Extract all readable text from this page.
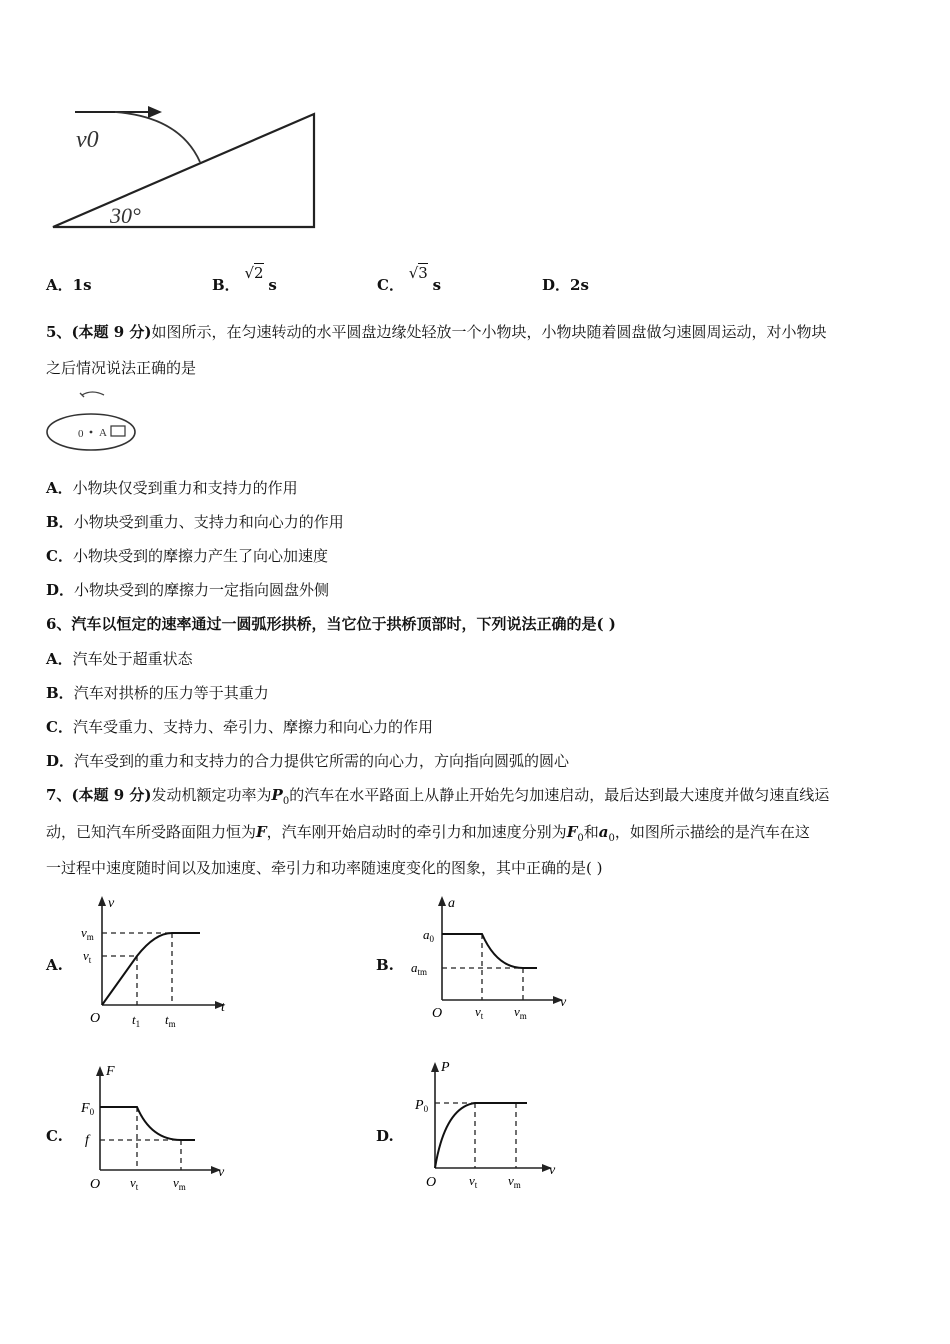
v0
30°
A．1s	B． √2 s	C． √3 s	D．2s
5、(本题 9 分)如图所示，在匀速转动的水平圆盘边缘处轻放一个小物块，小物块随着圆盘做匀速圆周运动，对小物块
之后情况说法正确的是
0 A
A．小物块仅受到重力和支持力的作用
B．小物块受到重力、支持力和向心力的作用
C．小物块受到的摩擦力产生了向心加速度
D．小物块受到的摩擦力一定指向圆盘外侧
6、汽车以恒定的速率通过一圆弧形拱桥，当它位于拱桥顶部时，下列说法正确的是( )
A．汽车处于超重状态
B．汽车对拱桥的压力等于其重力
C．汽车受重力、支持力、牵引力、摩擦力和向心力的作用
D．汽车受到的重力和支持力的合力提供它所需的向心力，方向指向圆弧的圆心
7、(本题 9 分)发动机额定功率为$P_0$的汽车在水平路面上从静止开始先匀加速启动，最后达到最大速度并做匀速直线运
动，已知汽车所受路面阻力恒为F，汽车刚开始启动时的牵引力和加速度分别为$F_0$和$a_0$，如图所示描绘的是汽车在这
一过程中速度随时间以及加速度、牵引力和功率随速度变化的图象，其中正确的是( )
A.
v
t
O
$v_m$
$v_t$
$t_1$ $t_m$
B.
a
v
O
$a_0$
$a_{tm}$
$v_t$ $v_m$
C.
F
v
O
$F_0$
f
$v_t$	$v_m$
D.
P
v
O
$P_0$
$v_t$ $v_m$
